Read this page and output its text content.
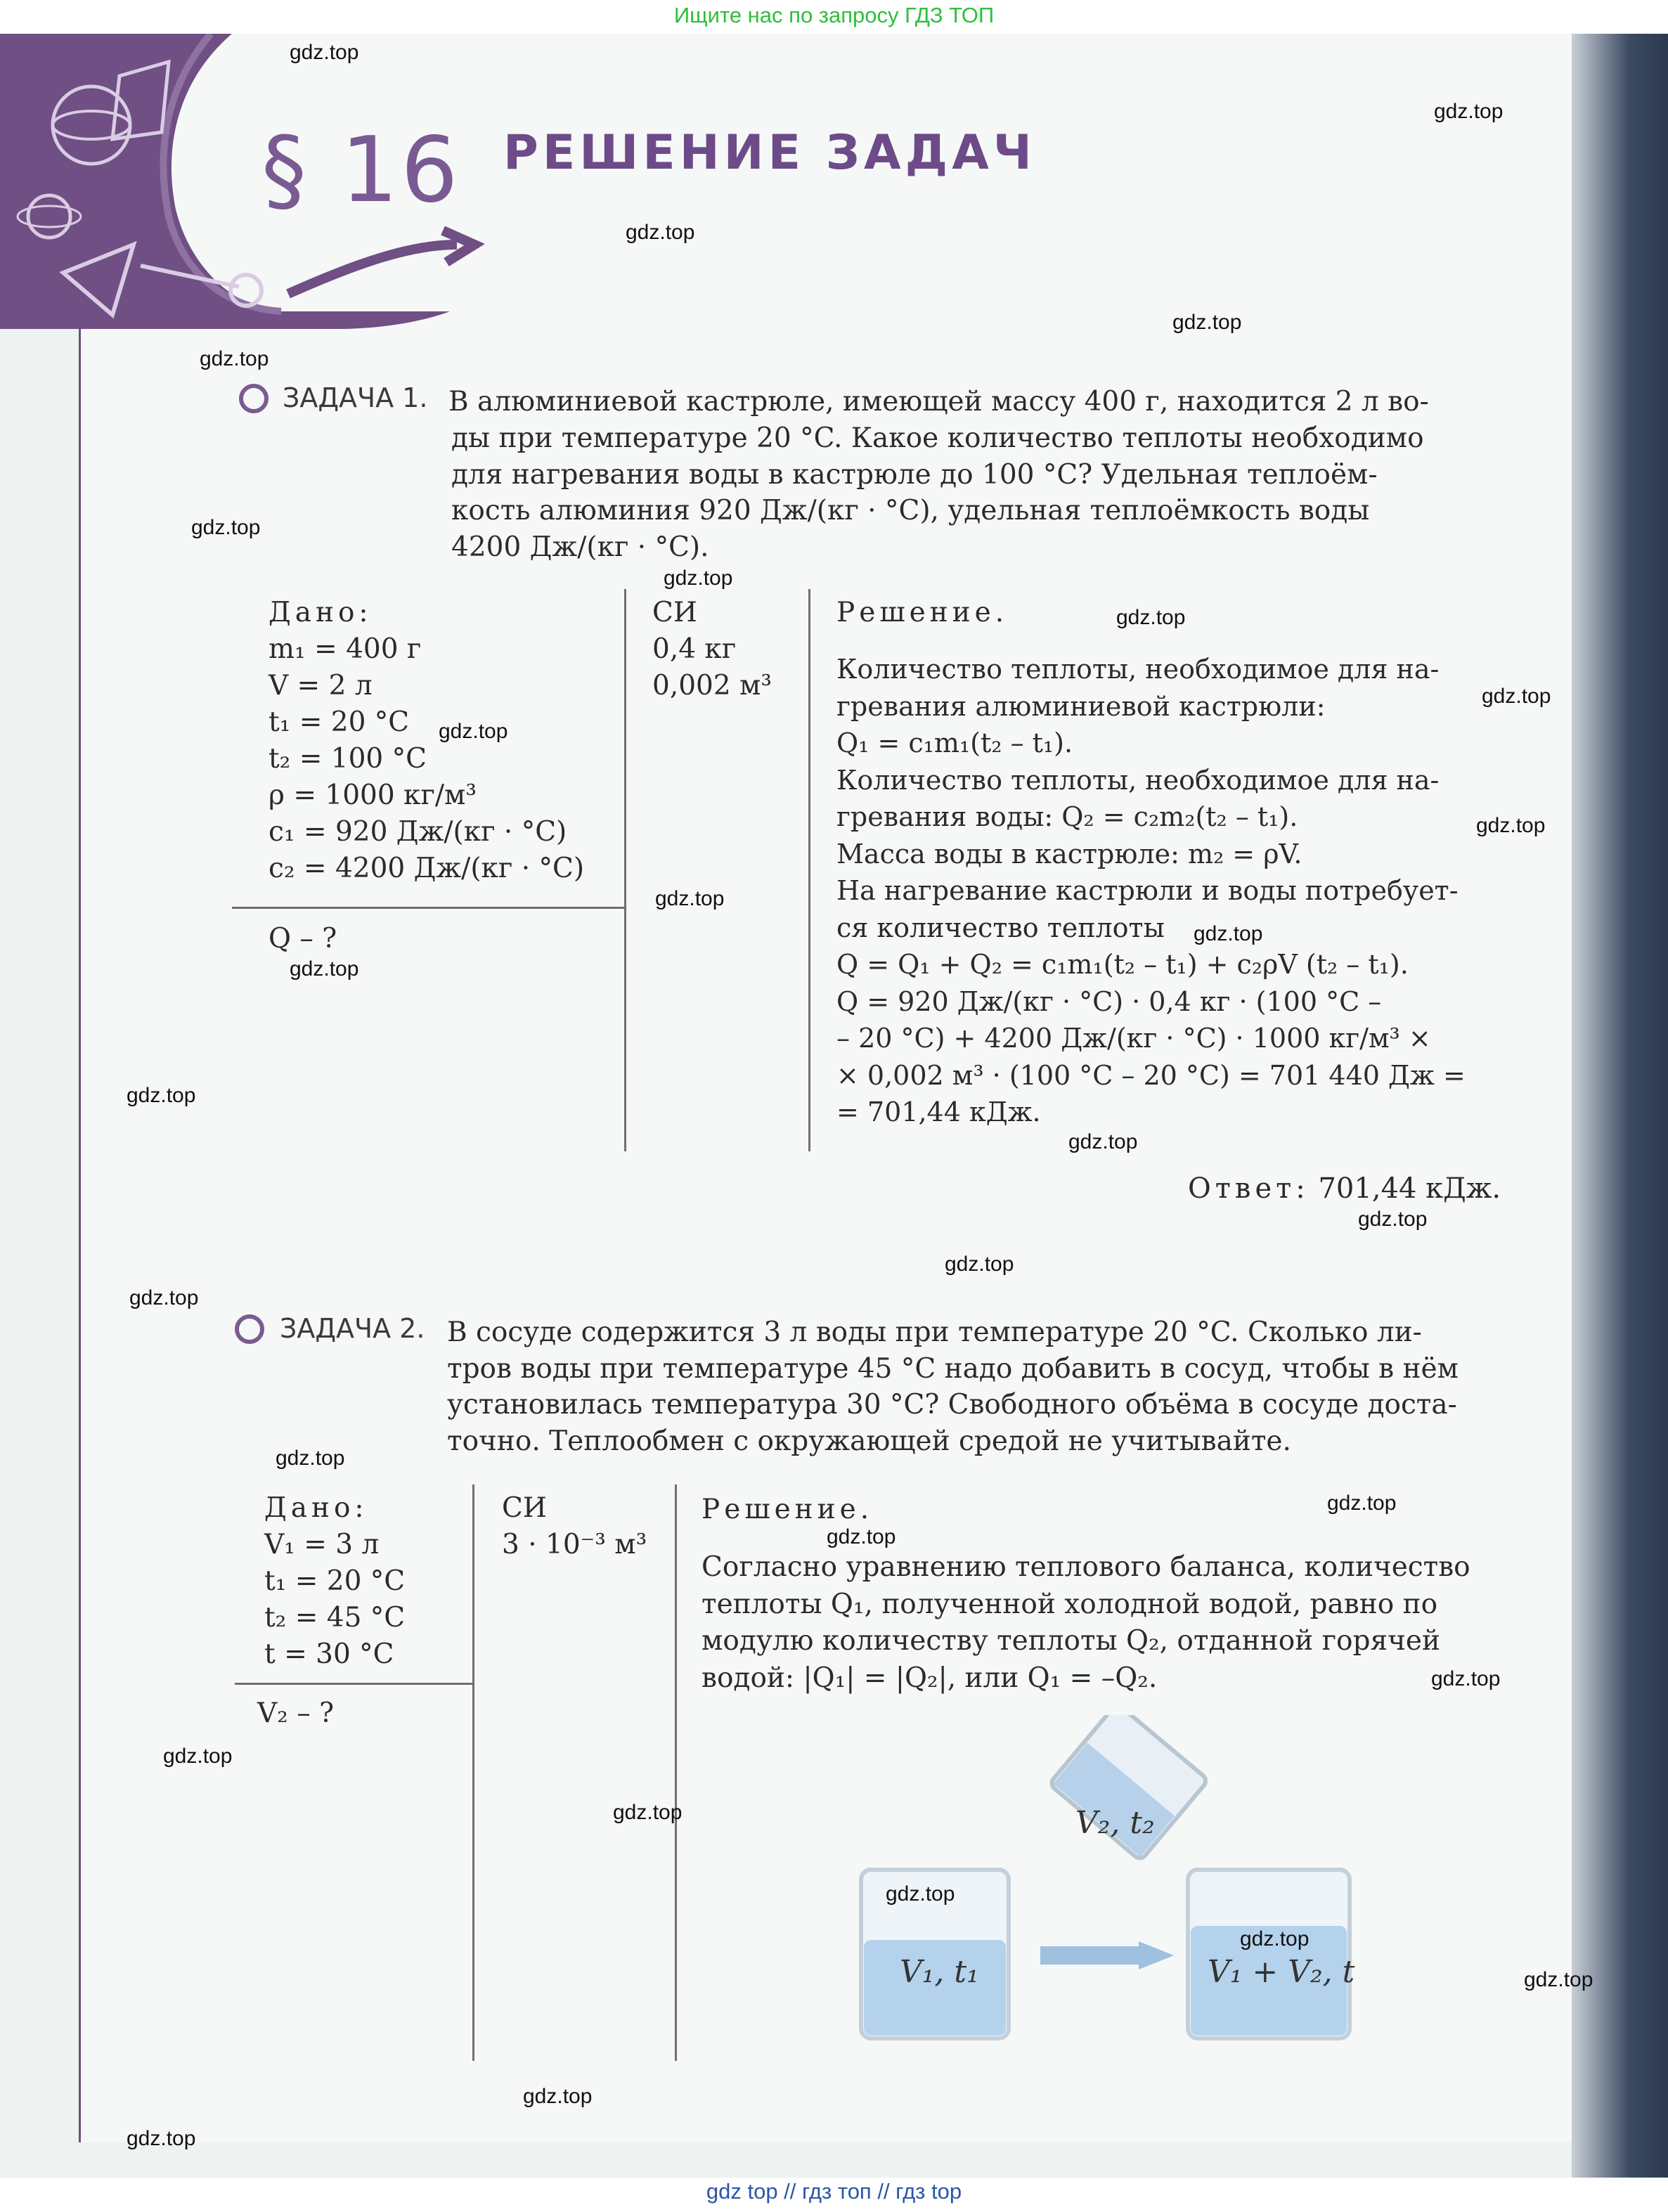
Ищите нас по запросу ГДЗ ТОП
§ 16 РЕШЕНИЕ ЗАДАЧ
ЗАДАЧА 1. В алюминиевой кастрюле, имеющей массу 400 г, находится 2 л во-
ды при температуре 20 °C. Какое количество теплоты необходимо
для нагревания воды в кастрюле до 100 °C? Удельная теплоём-
кость алюминия 920 Дж/(кг · °C), удельная теплоёмкость воды
4200 Дж/(кг · °C).
Дано:
m₁ = 400 г
V = 2 л
t₁ = 20 °C
t₂ = 100 °C
ρ = 1000 кг/м³
c₁ = 920 Дж/(кг · °C)
c₂ = 4200 Дж/(кг · °C)
Q – ?
СИ
0,4 кг
0,002 м³
Решение.
Количество теплоты, необходимое для на-
гревания алюминиевой кастрюли:
Q₁ = c₁m₁(t₂ – t₁).
Количество теплоты, необходимое для на-
гревания воды: Q₂ = c₂m₂(t₂ – t₁).
Масса воды в кастрюле: m₂ = ρV.
На нагревание кастрюли и воды потребует-
ся количество теплоты
Q = Q₁ + Q₂ = c₁m₁(t₂ – t₁) + c₂ρV (t₂ – t₁).
Q = 920 Дж/(кг · °C) · 0,4 кг · (100 °C –
– 20 °C) + 4200 Дж/(кг · °C) · 1000 кг/м³ ×
× 0,002 м³ · (100 °C – 20 °C) = 701 440 Дж =
= 701,44 кДж.
Ответ: 701,44 кДж.
ЗАДАЧА 2. В сосуде содержится 3 л воды при температуре 20 °C. Сколько ли-
тров воды при температуре 45 °C надо добавить в сосуд, чтобы в нём
установилась температура 30 °C? Свободного объёма в сосуде доста-
точно. Теплообмен с окружающей средой не учитывайте.
Дано:
V₁ = 3 л
t₁ = 20 °C
t₂ = 45 °C
t = 30 °C
V₂ – ?
СИ
3 · 10⁻³ м³
Решение.
Согласно уравнению теплового баланса, количество
теплоты Q₁, полученной холодной водой, равно по
модулю количеству теплоты Q₂, отданной горячей
водой: |Q₁| = |Q₂|, или Q₁ = –Q₂.
V₂, t₂
V₁, t₁	V₁ + V₂, t
gdz.top
gdz.top
gdz.top
gdz.top
gdz.top
gdz.top
gdz.top
gdz.top
gdz.top
gdz.top
gdz.top
gdz.top
gdz.top
gdz.top
gdz.top
gdz.top
gdz.top
gdz.top
gdz.top
gdz.top
gdz.top
gdz.top
gdz.top
gdz.top
gdz.top
gdz.top
gdz.top
gdz.top
gdz.top
gdz.top
gdz top // гдз топ // гдз top
